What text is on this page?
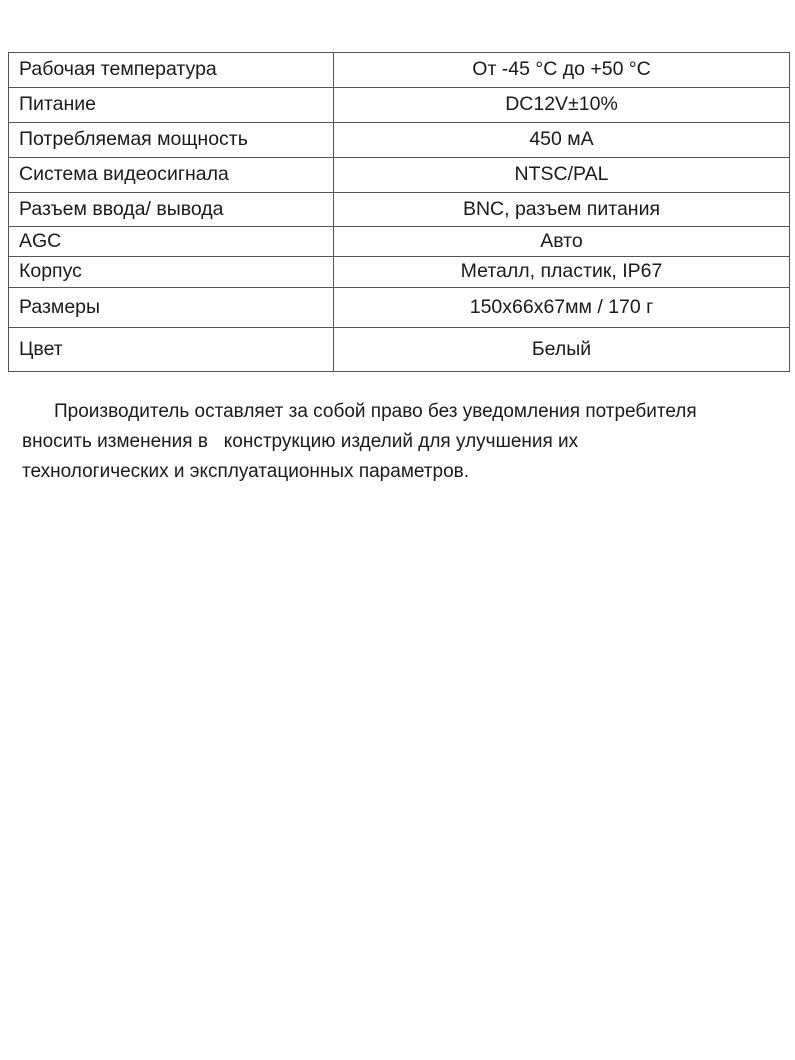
Рабочая температура	От -45 °С до +50 °С
Питание	DC12V±10%
Потребляемая мощность	450 мА
Система видеосигнала	NTSC/PAL
Разъем ввода/ вывода	BNC, разъем питания
AGC	Авто
Корпус	Металл, пластик, IP67
Размеры	150х66х67мм / 170 г
Цвет	Белый

Производитель оставляет за собой право без уведомления потребителя
вносить изменения в   конструкцию изделий для улучшения их
технологических и эксплуатационных параметров.
